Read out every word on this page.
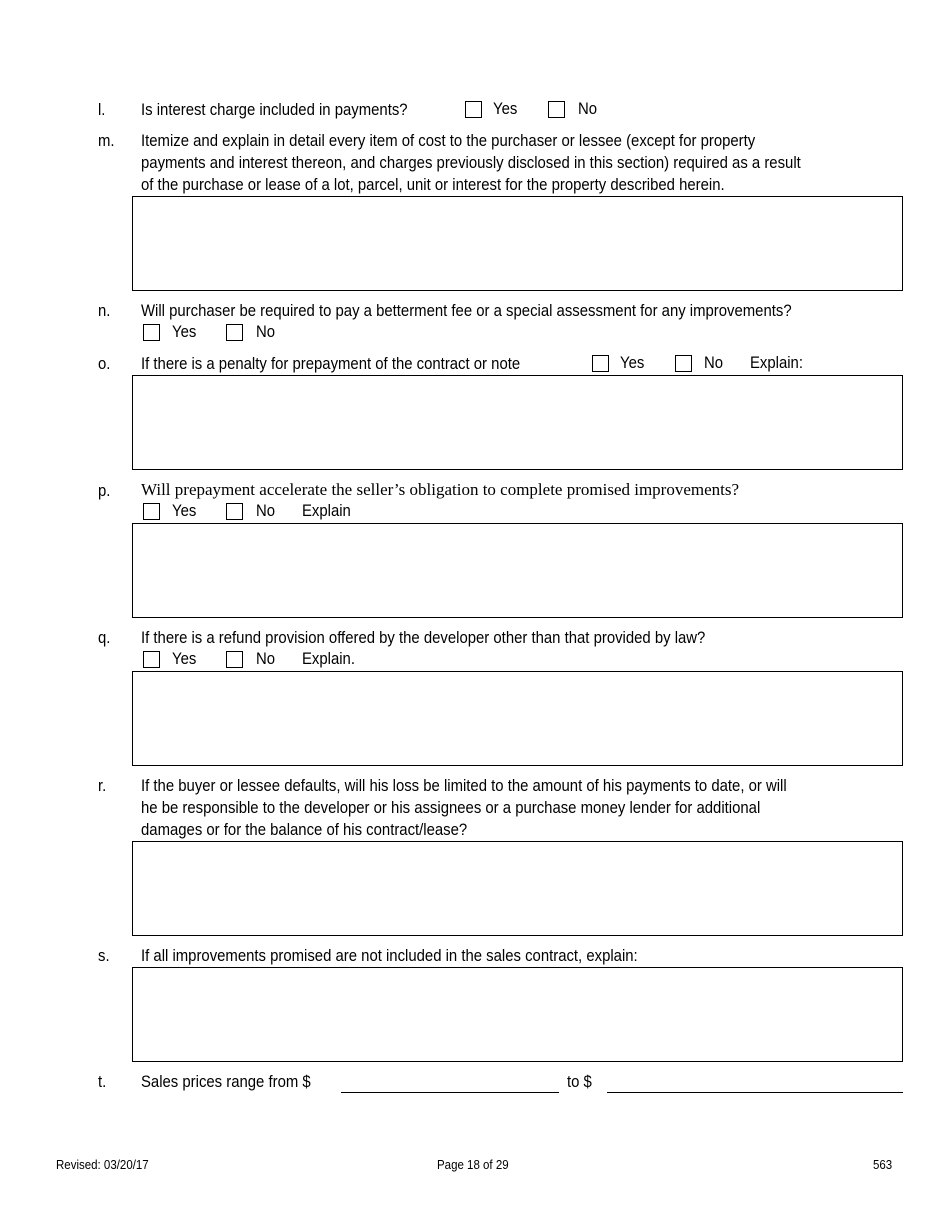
l. Is interest charge included in payments?	Yes	No
m. Itemize and explain in detail every item of cost to the purchaser or lessee (except for property
payments and interest thereon, and charges previously disclosed in this section) required as a result
of the purchase or lease of a lot, parcel, unit or interest for the property described herein.
n. Will purchaser be required to pay a betterment fee or a special assessment for any improvements?
Yes	No
o. If there is a penalty for prepayment of the contract or note	Yes	No Explain:
p. Will prepayment accelerate the seller’s obligation to complete promised improvements?
Yes	No Explain
q. If there is a refund provision offered by the developer other than that provided by law?
Yes	No Explain.
r. If the buyer or lessee defaults, will his loss be limited to the amount of his payments to date, or will
he be responsible to the developer or his assignees or a purchase money lender for additional
damages or for the balance of his contract/lease?
s. If all improvements promised are not included in the sales contract, explain:
t. Sales prices range from $	to $
Revised: 03/20/17	Page 18 of 29	563
